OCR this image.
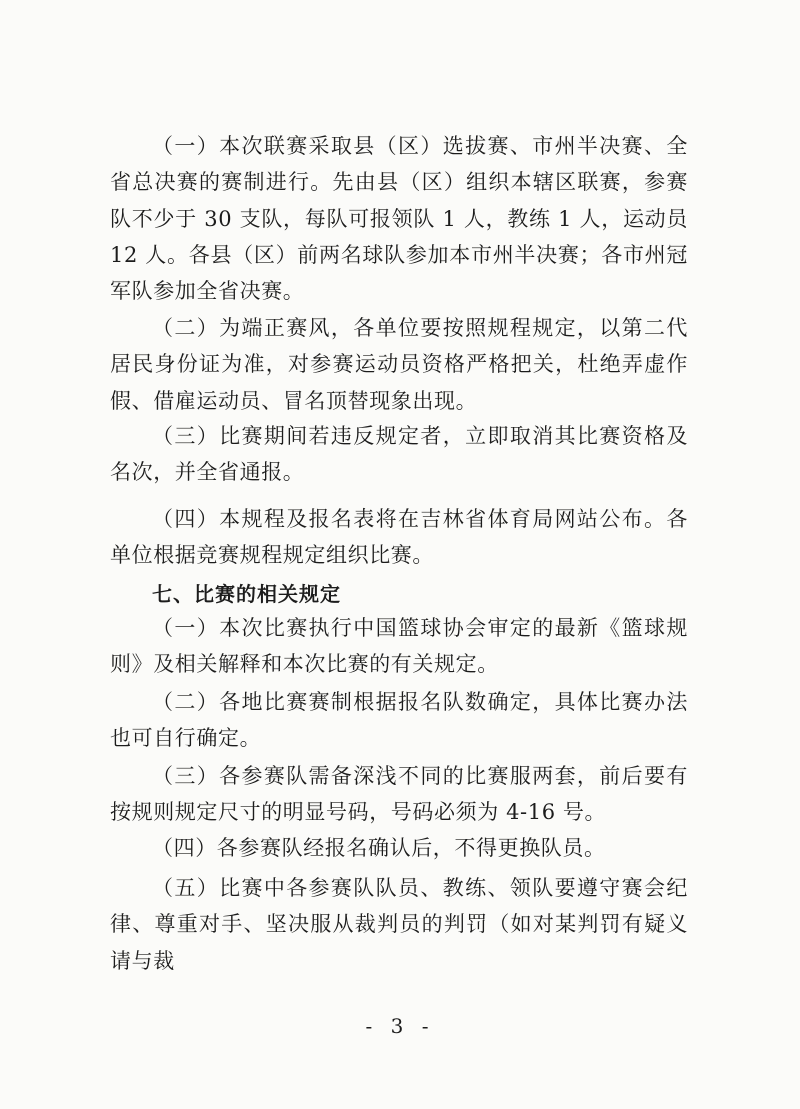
（一）本次联赛采取县（区）选拔赛、市州半决赛、全省总决赛的赛制进行。先由县（区）组织本辖区联赛，参赛队不少于 30 支队，每队可报领队 1 人，教练 1 人，运动员 12 人。各县（区）前两名球队参加本市州半决赛；各市州冠军队参加全省决赛。

（二）为端正赛风，各单位要按照规程规定，以第二代居民身份证为准，对参赛运动员资格严格把关，杜绝弄虚作假、借雇运动员、冒名顶替现象出现。

（三）比赛期间若违反规定者，立即取消其比赛资格及名次，并全省通报。

（四）本规程及报名表将在吉林省体育局网站公布。各单位根据竞赛规程规定组织比赛。

七、比赛的相关规定

（一）本次比赛执行中国篮球协会审定的最新《篮球规则》及相关解释和本次比赛的有关规定。

（二）各地比赛赛制根据报名队数确定，具体比赛办法也可自行确定。

（三）各参赛队需备深浅不同的比赛服两套，前后要有按规则规定尺寸的明显号码，号码必须为 4-16 号。

（四）各参赛队经报名确认后，不得更换队员。

（五）比赛中各参赛队队员、教练、领队要遵守赛会纪律、尊重对手、坚决服从裁判员的判罚（如对某判罚有疑义请与裁

- 3 -
